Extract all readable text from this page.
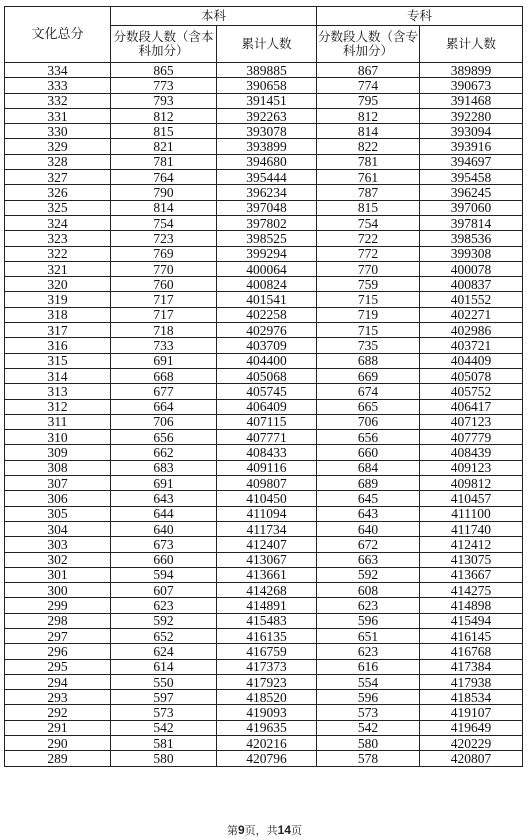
文化总分	本科		专科	
	分数段人数（含本科加分）	累计人数	分数段人数（含专科加分）	累计人数
334	865	389885	867	389899
333	773	390658	774	390673
332	793	391451	795	391468
331	812	392263	812	392280
330	815	393078	814	393094
329	821	393899	822	393916
328	781	394680	781	394697
327	764	395444	761	395458
326	790	396234	787	396245
325	814	397048	815	397060
324	754	397802	754	397814
323	723	398525	722	398536
322	769	399294	772	399308
321	770	400064	770	400078
320	760	400824	759	400837
319	717	401541	715	401552
318	717	402258	719	402271
317	718	402976	715	402986
316	733	403709	735	403721
315	691	404400	688	404409
314	668	405068	669	405078
313	677	405745	674	405752
312	664	406409	665	406417
311	706	407115	706	407123
310	656	407771	656	407779
309	662	408433	660	408439
308	683	409116	684	409123
307	691	409807	689	409812
306	643	410450	645	410457
305	644	411094	643	411100
304	640	411734	640	411740
303	673	412407	672	412412
302	660	413067	663	413075
301	594	413661	592	413667
300	607	414268	608	414275
299	623	414891	623	414898
298	592	415483	596	415494
297	652	416135	651	416145
296	624	416759	623	416768
295	614	417373	616	417384
294	550	417923	554	417938
293	597	418520	596	418534
292	573	419093	573	419107
291	542	419635	542	419649
290	581	420216	580	420229
289	580	420796	578	420807
第9页，共14页
